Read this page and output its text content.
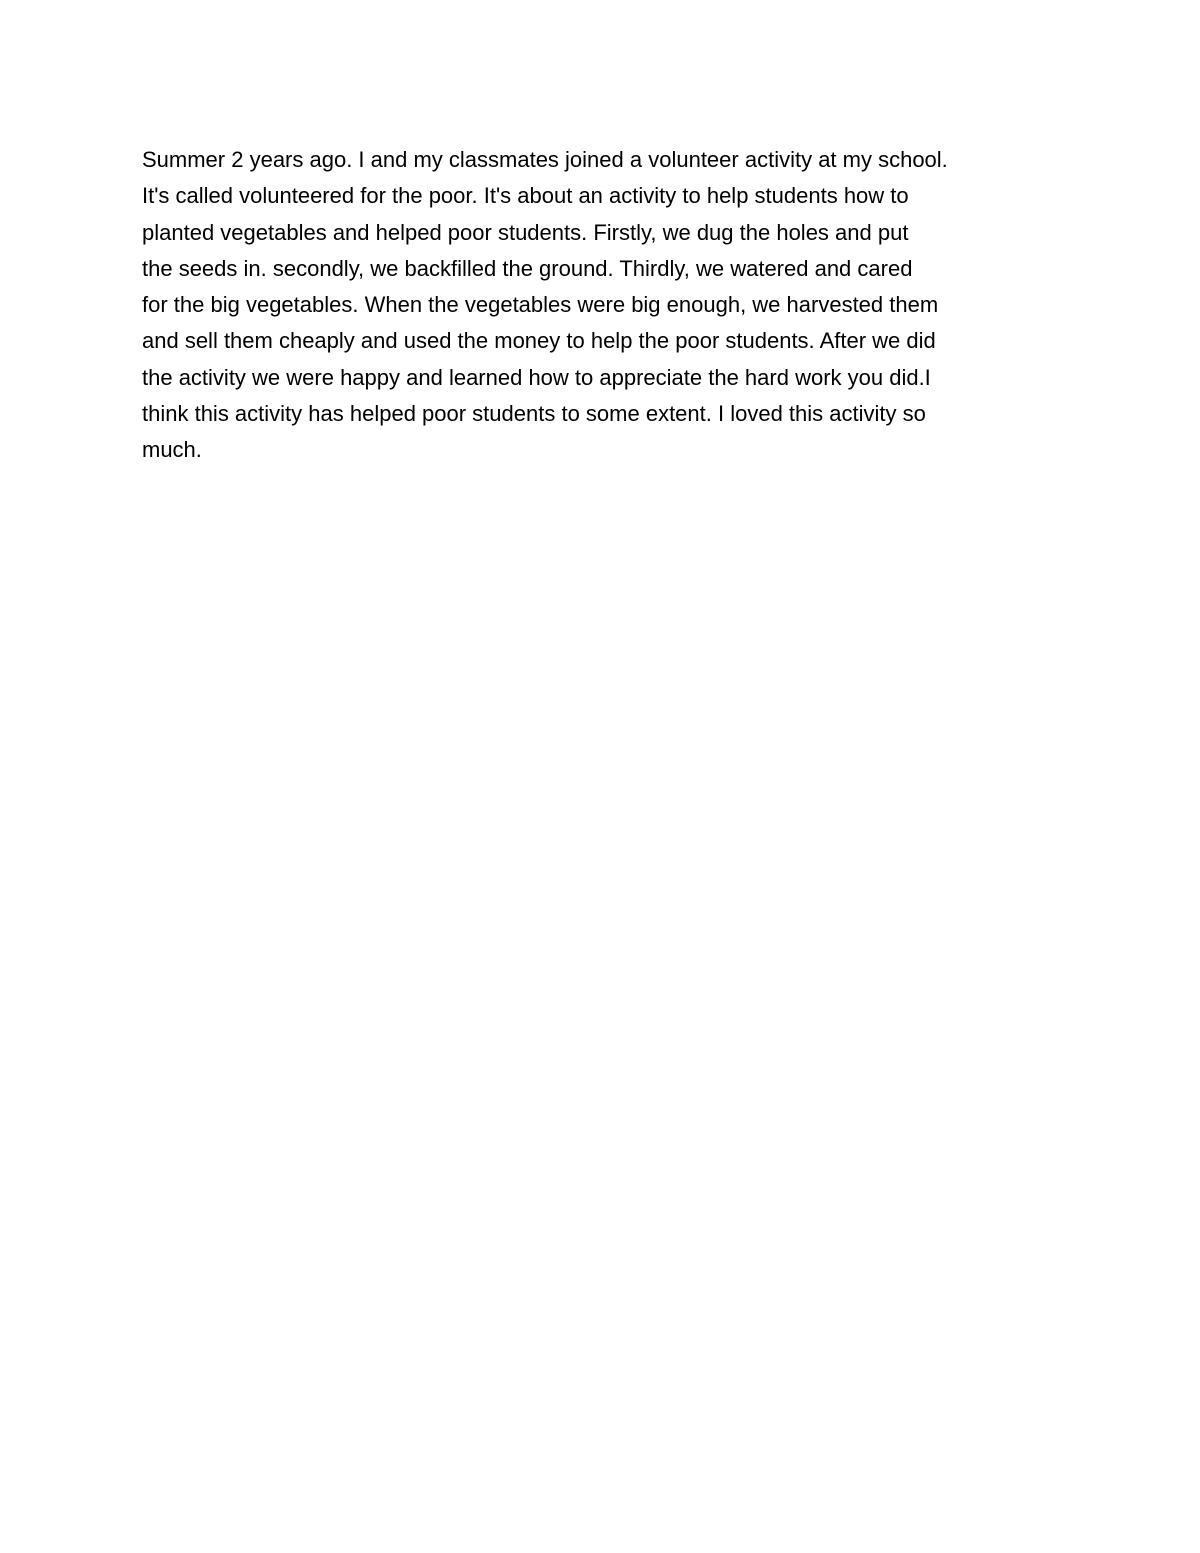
Summer 2 years ago. I and my classmates joined a volunteer activity at my school.
It's called volunteered for the poor. It's about an activity to help students how to
planted vegetables and helped poor students. Firstly, we dug the holes and put
the seeds in. secondly, we backfilled the ground. Thirdly, we watered and cared
for the big vegetables. When the vegetables were big enough, we harvested them
and sell them cheaply and used the money to help the poor students. After we did
the activity we were happy and learned how to appreciate the hard work you did.I
think this activity has helped poor students to some extent. I loved this activity so
much.
